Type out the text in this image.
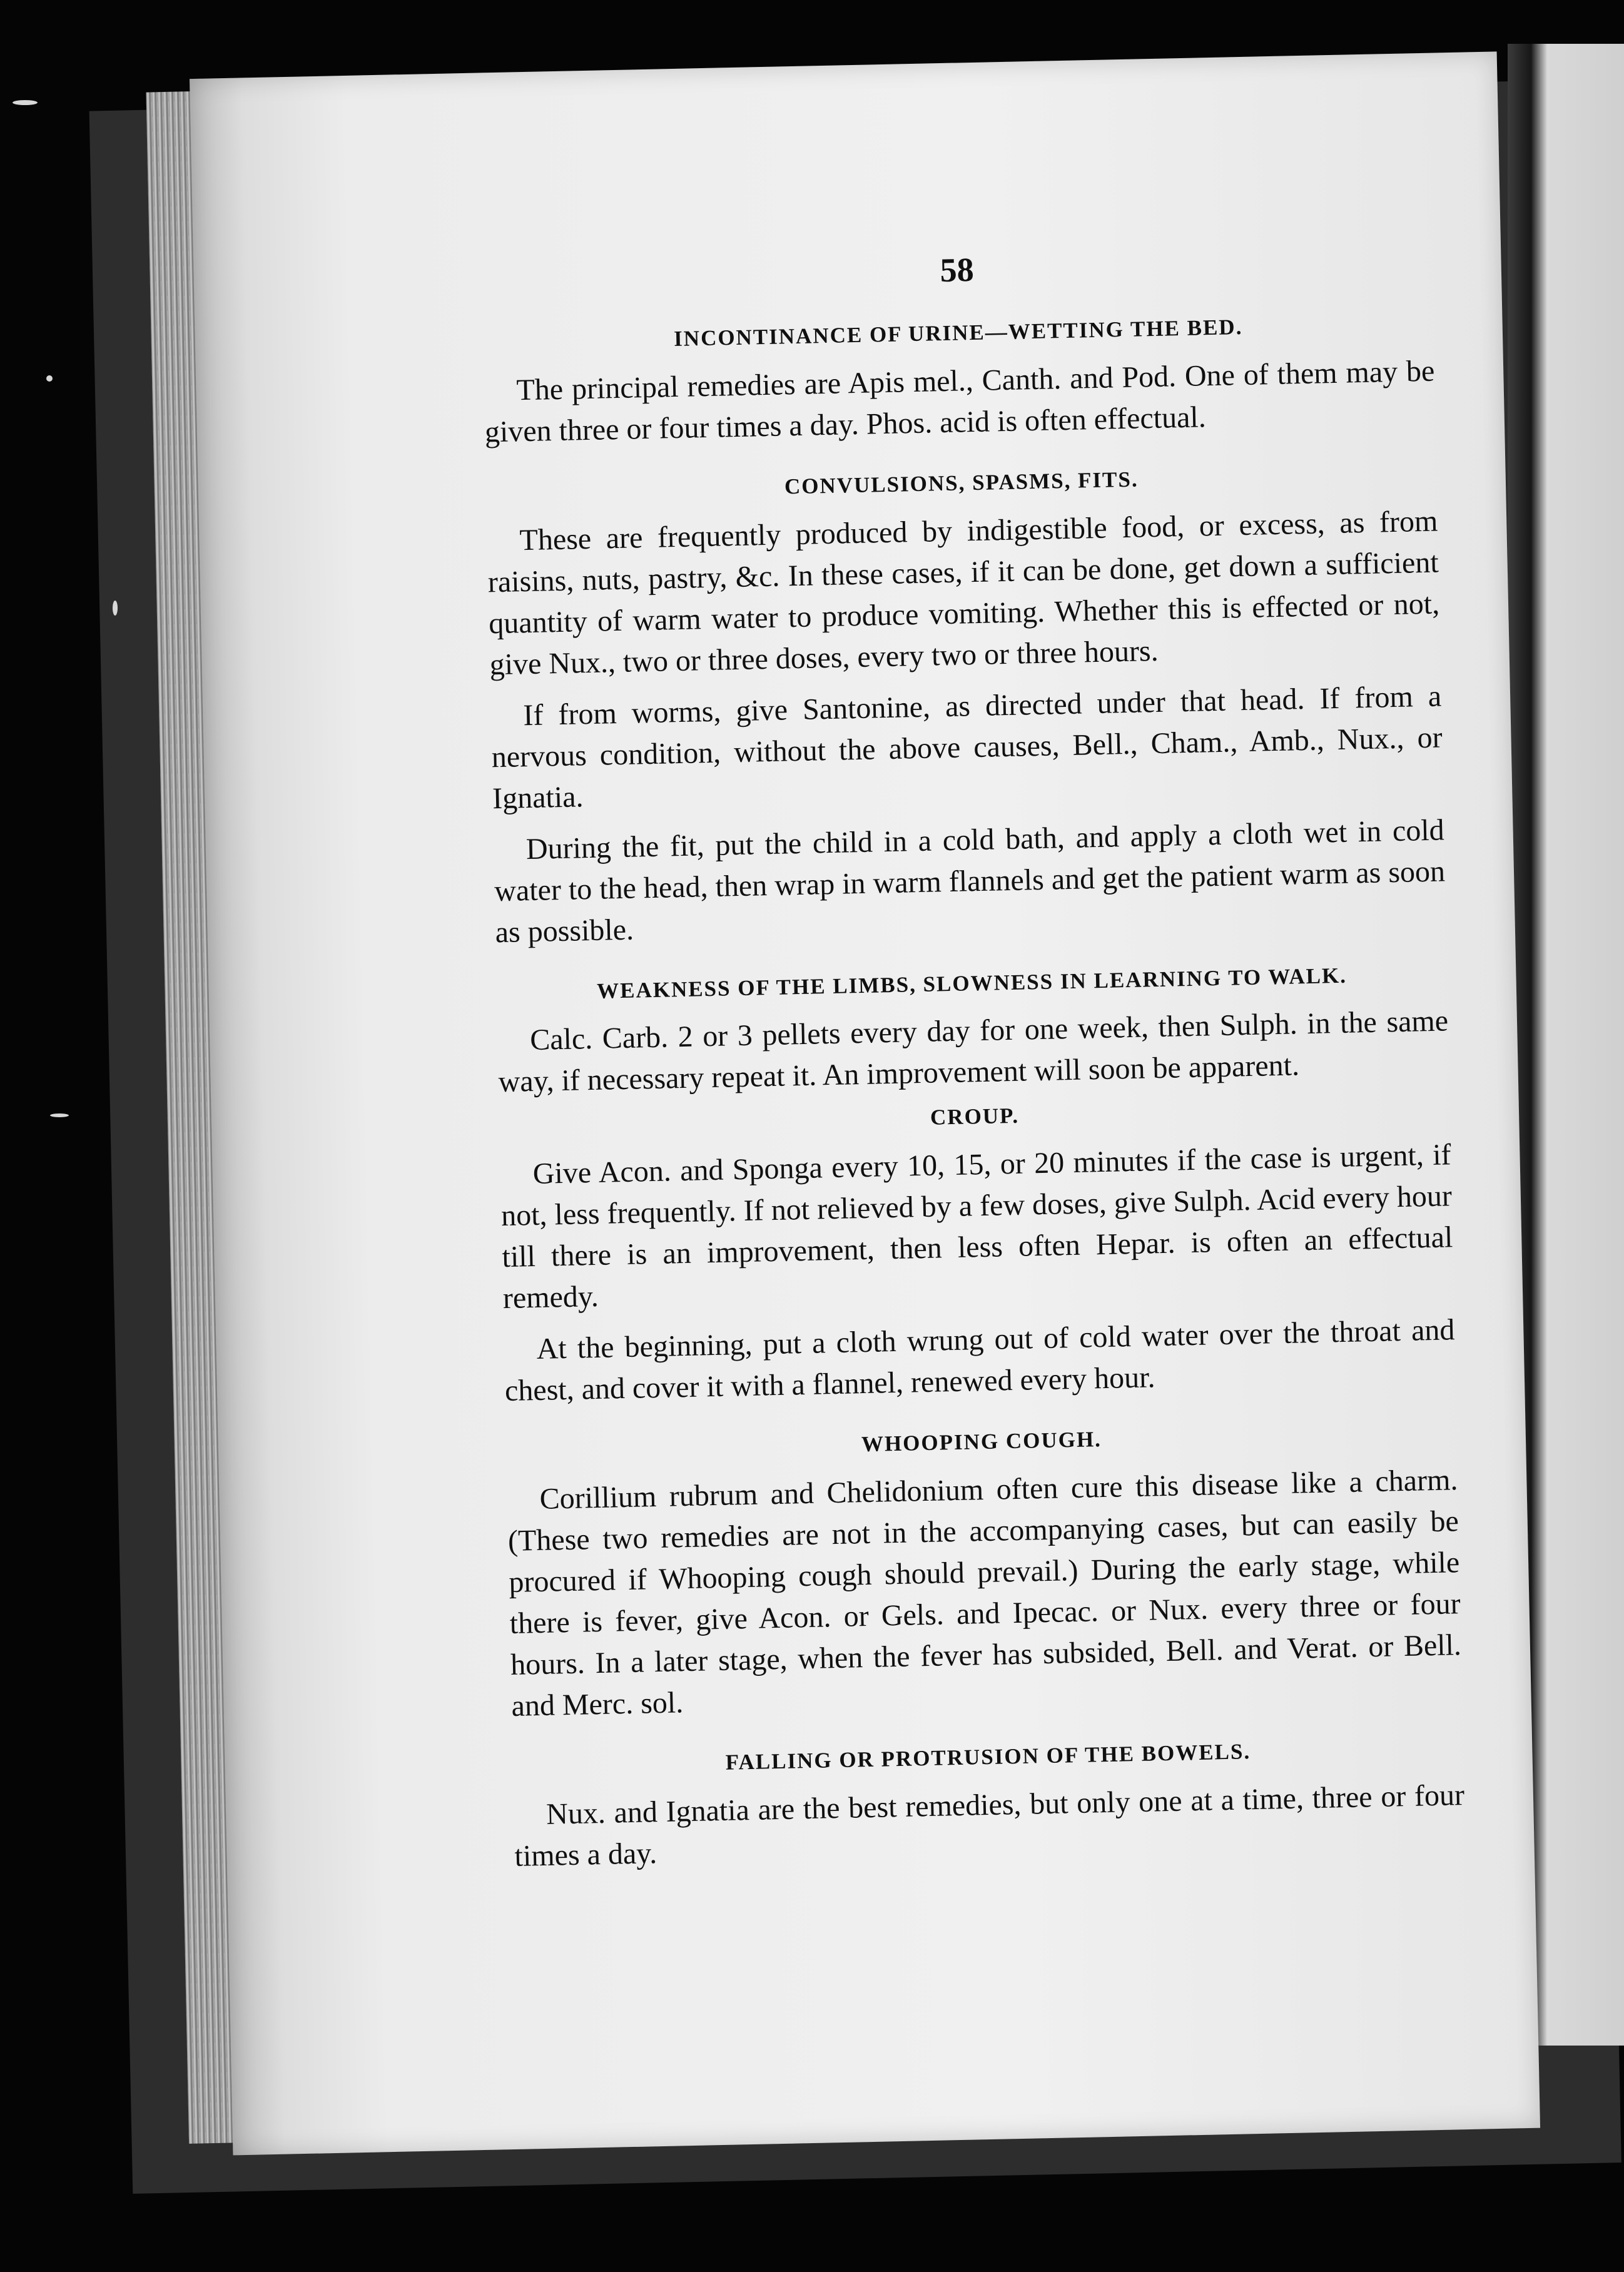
58
INCONTINANCE OF URINE—WETTING THE BED.

The principal remedies are Apis mel., Canth. and Pod. One of them may be given three or four times a day. Phos. acid is often effectual.

CONVULSIONS, SPASMS, FITS.

These are frequently produced by indigestible food, or excess, as from raisins, nuts, pastry, &c. In these cases, if it can be done, get down a sufficient quantity of warm water to produce vomiting. Whether this is effected or not, give Nux., two or three doses, every two or three hours.

If from worms, give Santonine, as directed under that head. If from a nervous condition, without the above causes, Bell., Cham., Amb., Nux., or Ignatia.

During the fit, put the child in a cold bath, and apply a cloth wet in cold water to the head, then wrap in warm flannels and get the patient warm as soon as possible.

WEAKNESS OF THE LIMBS, SLOWNESS IN LEARNING TO WALK.

Calc. Carb. 2 or 3 pellets every day for one week, then Sulph. in the same way, if necessary repeat it. An improvement will soon be apparent.

CROUP.

Give Acon. and Sponga every 10, 15, or 20 minutes if the case is urgent, if not, less frequently. If not relieved by a few doses, give Sulph. Acid every hour till there is an improvement, then less often Hepar. is often an effectual remedy.

At the beginning, put a cloth wrung out of cold water over the throat and chest, and cover it with a flannel, renewed every hour.

WHOOPING COUGH.

Corillium rubrum and Chelidonium often cure this disease like a charm. (These two remedies are not in the accompanying cases, but can easily be procured if Whooping cough should prevail.) During the early stage, while there is fever, give Acon. or Gels. and Ipecac. or Nux. every three or four hours. In a later stage, when the fever has subsided, Bell. and Verat. or Bell. and Merc. sol.

FALLING OR PROTRUSION OF THE BOWELS.

Nux. and Ignatia are the best remedies, but only one at a time, three or four times a day.
